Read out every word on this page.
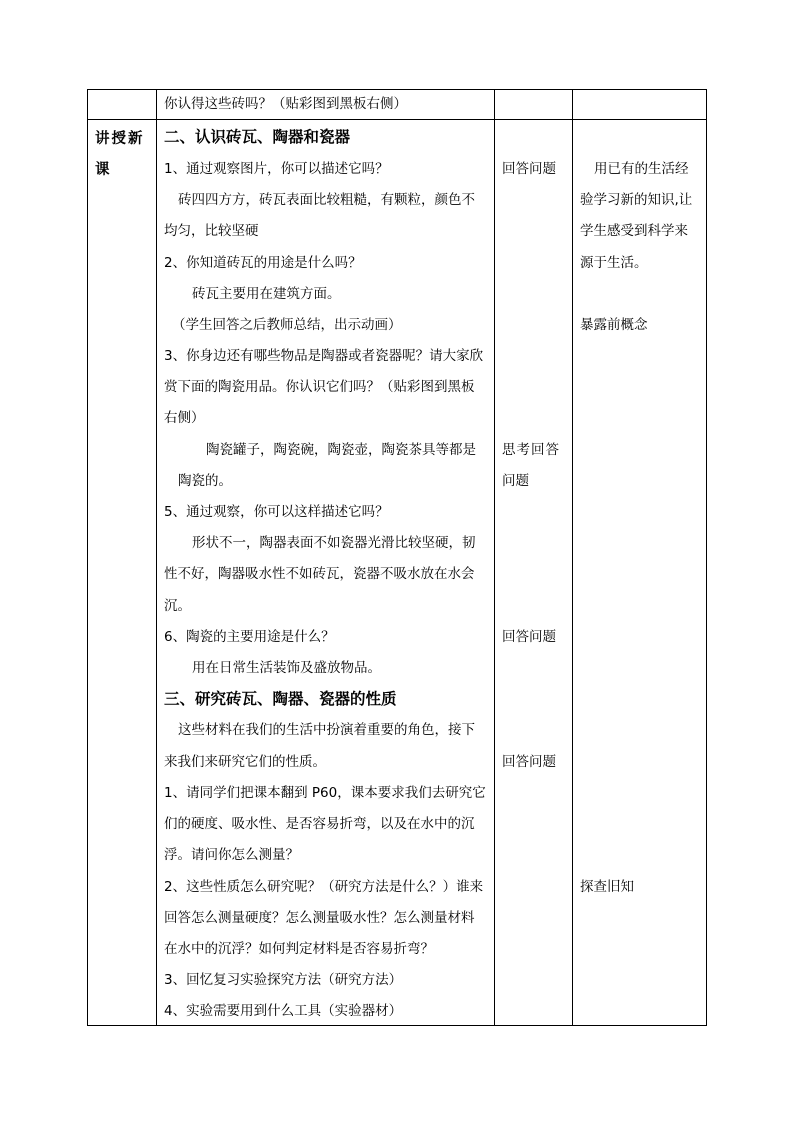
讲授新
课
你认得这些砖吗？（贴彩图到黑板右侧）
二、认识砖瓦、陶器和瓷器
1、通过观察图片，你可以描述它吗？
砖四四方方，砖瓦表面比较粗糙，有颗粒，颜色不
均匀，比较坚硬
2、你知道砖瓦的用途是什么吗？
砖瓦主要用在建筑方面。
（学生回答之后教师总结，出示动画）
3、你身边还有哪些物品是陶器或者瓷器呢？请大家欣
赏下面的陶瓷用品。你认识它们吗？（贴彩图到黑板
右侧）
陶瓷罐子，陶瓷碗，陶瓷壶，陶瓷茶具等都是
陶瓷的。
5、通过观察，你可以这样描述它吗？
形状不一，陶器表面不如瓷器光滑比较坚硬，韧
性不好，陶器吸水性不如砖瓦，瓷器不吸水放在水会
沉。
6、陶瓷的主要用途是什么？
用在日常生活装饰及盛放物品。
三、研究砖瓦、陶器、瓷器的性质
这些材料在我们的生活中扮演着重要的角色，接下
来我们来研究它们的性质。
1、请同学们把课本翻到 P60，课本要求我们去研究它
们的硬度、吸水性、是否容易折弯，以及在水中的沉
浮。请问你怎么测量？
2、这些性质怎么研究呢？（研究方法是什么？）谁来
回答怎么测量硬度？怎么测量吸水性？怎么测量材料
在水中的沉浮？如何判定材料是否容易折弯？
3、回忆复习实验探究方法（研究方法）
4、实验需要用到什么工具（实验器材）
回答问题
思考回答
问题
回答问题
回答问题
用已有的生活经
验学习新的知识,让
学生感受到科学来
源于生活。
暴露前概念
探查旧知
